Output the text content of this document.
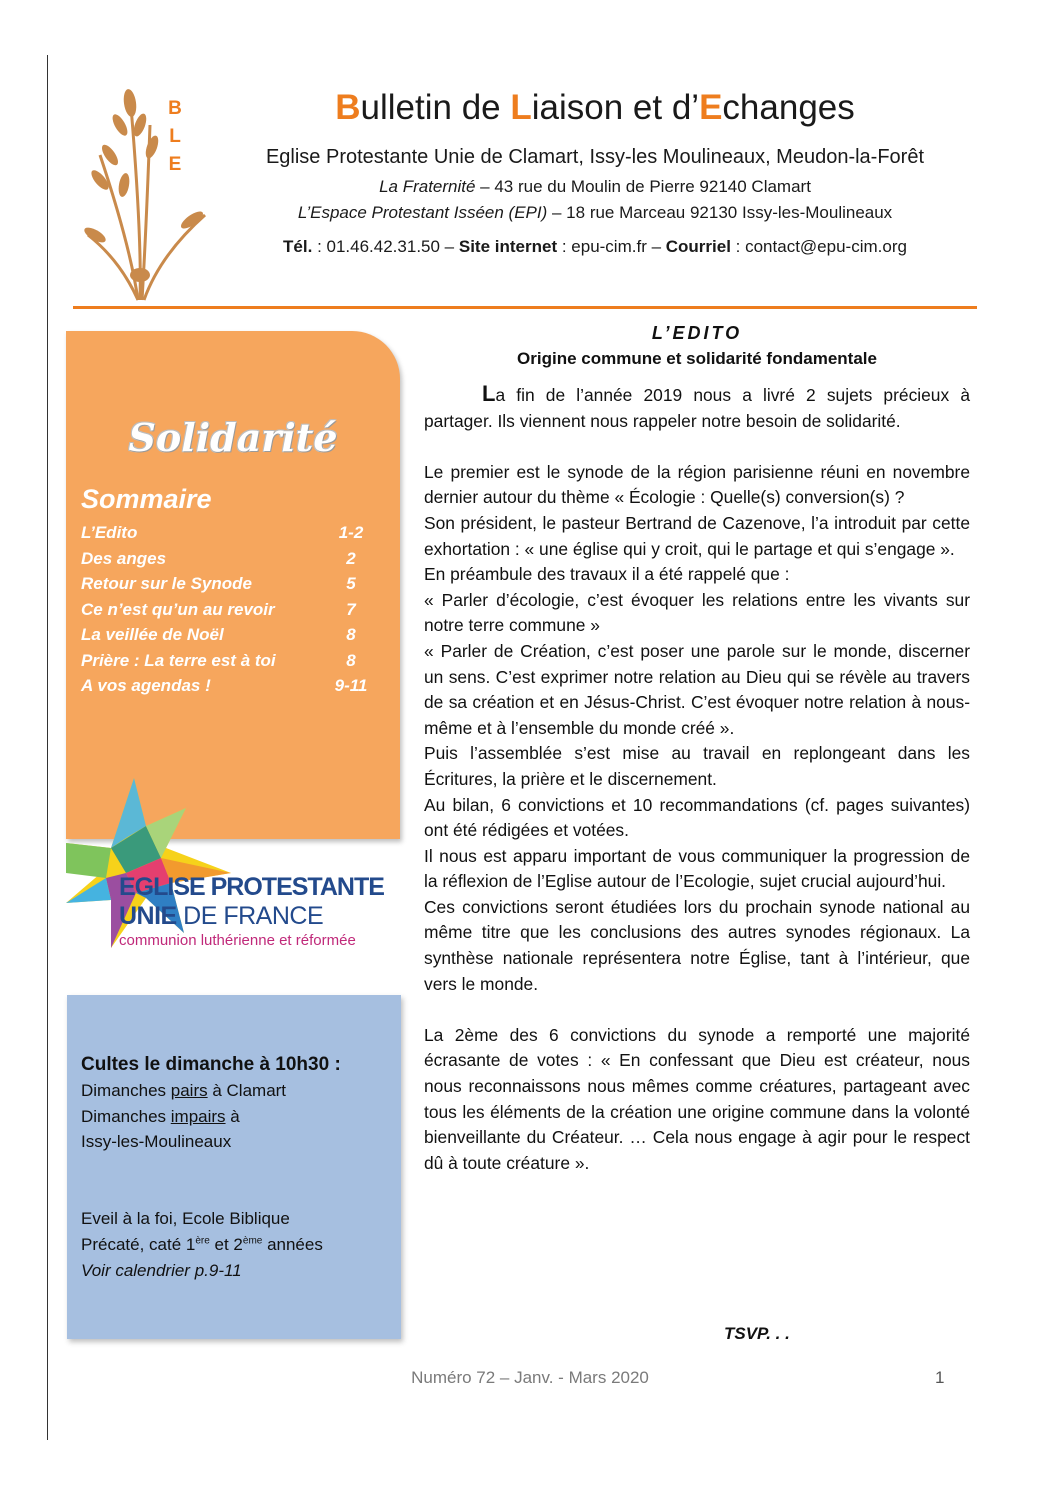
B
L
E
Bulletin de Liaison et d’Echanges
Eglise Protestante Unie de Clamart, Issy-les Moulineaux, Meudon-la-Forêt
La Fraternité – 43 rue du Moulin de Pierre 92140 Clamart
L’Espace Protestant Isséen (EPI) – 18 rue Marceau 92130 Issy-les-Moulineaux
Tél. : 01.46.42.31.50 – Site internet : epu-cim.fr – Courriel : contact@epu-cim.org
Solidarité
Sommaire
L’Edito	1-2
Des anges	2
Retour sur le Synode	5
Ce n’est qu’un au revoir	7
La veillée de Noël	8
Prière : La terre est à toi	8
A vos agendas !	9-11
EGLISE PROTESTANTE
UNIE DE FRANCE
communion luthérienne et réformée
Cultes le dimanche à 10h30 :
Dimanches pairs à Clamart
Dimanches impairs à
Issy-les-Moulineaux
Eveil à la foi, Ecole Biblique
Précaté, caté 1ère et 2ème années
Voir calendrier p.9-11
L’EDITO
Origine commune et solidarité fondamentale

La fin de l’année 2019 nous a livré 2 sujets précieux à partager. Ils viennent nous rappeler notre besoin de solidarité.

Le premier est le synode de la région parisienne réuni en novembre dernier autour du thème « Écologie : Quelle(s) conversion(s) ?

Son président, le pasteur Bertrand de Cazenove, l’a introduit par cette exhortation : « une église qui y croit, qui le partage et qui s’engage ».

En préambule des travaux il a été rappelé que :

« Parler d’écologie, c’est évoquer les relations entre les vivants sur notre terre commune »

« Parler de Création, c’est poser une parole sur le monde, discerner un sens. C’est exprimer notre relation au Dieu qui se révèle au travers de sa création et en Jésus-Christ. C’est évoquer notre relation à nous-même et à l’ensemble du monde créé ».

Puis l’assemblée s’est mise au travail en replongeant dans les Écritures, la prière et le discernement.

Au bilan, 6 convictions et 10 recommandations (cf. pages suivantes) ont été rédigées et votées.

Il nous est apparu important de vous communiquer la progression de la réflexion de l’Eglise autour de l’Ecologie, sujet crucial aujourd’hui.

Ces convictions seront étudiées lors du prochain synode national au même titre que les conclusions des autres synodes régionaux. La synthèse nationale représentera notre Église, tant à l’intérieur, que vers le monde.

La 2ème des 6 convictions du synode a remporté une majorité écrasante de votes : « En confessant que Dieu est créateur, nous nous reconnaissons nous mêmes comme créatures, partageant avec tous les éléments de la création une origine commune dans la volonté bienveillante du Créateur. … Cela nous engage à agir pour le respect dû à toute créature ».

TSVP. . .
Numéro 72 – Janv. - Mars 2020	1
